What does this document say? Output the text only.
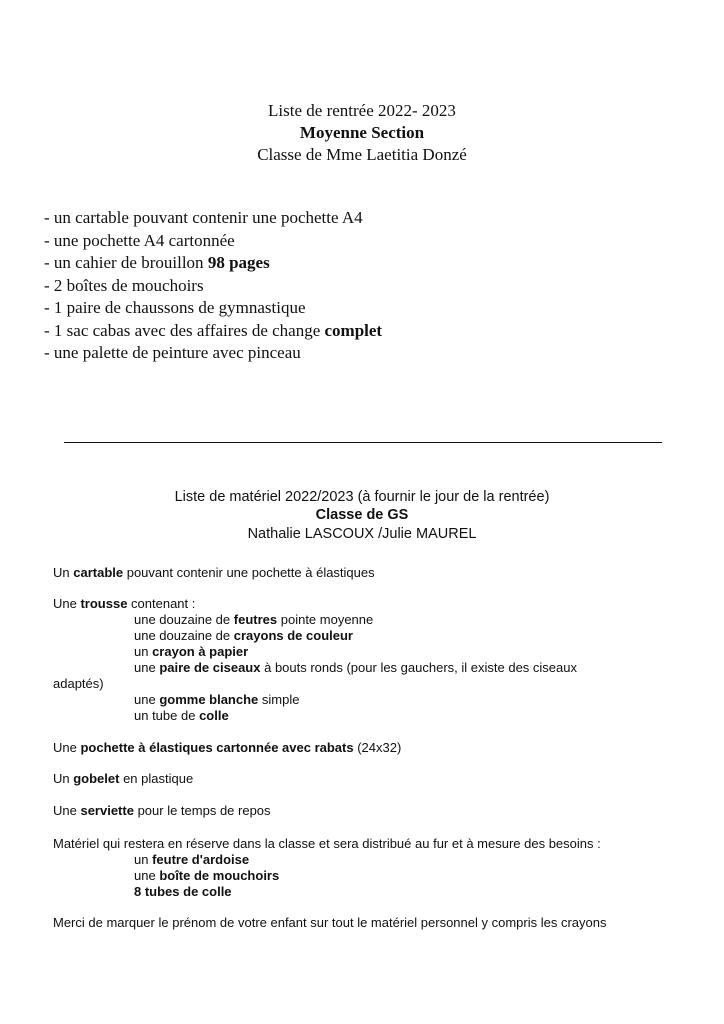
Liste de rentrée 2022- 2023
Moyenne Section
Classe de Mme Laetitia Donzé
- un cartable pouvant contenir une pochette A4
- une pochette A4 cartonnée
- un cahier de brouillon 98 pages
- 2 boîtes de mouchoirs
- 1 paire de chaussons de gymnastique
- 1 sac cabas avec des affaires de change complet
- une palette de peinture avec pinceau
Liste de matériel 2022/2023 (à fournir le jour de la rentrée)
Classe de GS
Nathalie LASCOUX /Julie MAUREL
Un cartable pouvant contenir une pochette à élastiques
Une trousse contenant :
une douzaine de feutres pointe moyenne
une douzaine de crayons de couleur
un crayon à papier
une paire de ciseaux à bouts ronds (pour les gauchers, il existe des ciseaux
adaptés)
une gomme blanche simple
un tube de colle
Une pochette à élastiques cartonnée avec rabats (24x32)
Un gobelet en plastique
Une serviette pour le temps de repos
Matériel qui restera en réserve dans la classe et sera distribué au fur et à mesure des besoins :
un feutre d'ardoise
une boîte de mouchoirs
8 tubes de colle
Merci de marquer le prénom de votre enfant sur tout le matériel personnel y compris les crayons
